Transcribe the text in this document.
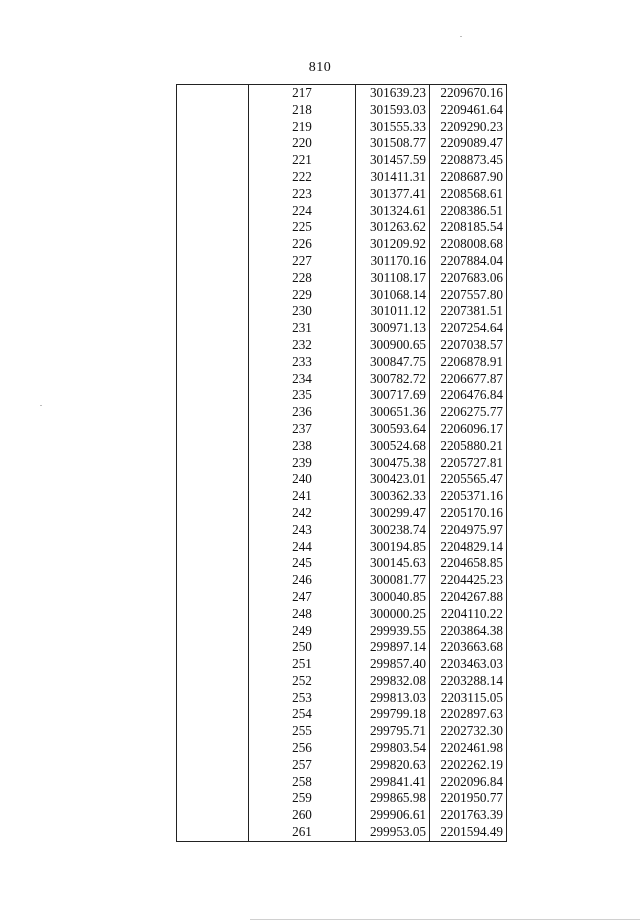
810
	217	301639.23	2209670.16
	218	301593.03	2209461.64
	219	301555.33	2209290.23
	220	301508.77	2209089.47
	221	301457.59	2208873.45
	222	301411.31	2208687.90
	223	301377.41	2208568.61
	224	301324.61	2208386.51
	225	301263.62	2208185.54
	226	301209.92	2208008.68
	227	301170.16	2207884.04
	228	301108.17	2207683.06
	229	301068.14	2207557.80
	230	301011.12	2207381.51
	231	300971.13	2207254.64
	232	300900.65	2207038.57
	233	300847.75	2206878.91
	234	300782.72	2206677.87
	235	300717.69	2206476.84
	236	300651.36	2206275.77
	237	300593.64	2206096.17
	238	300524.68	2205880.21
	239	300475.38	2205727.81
	240	300423.01	2205565.47
	241	300362.33	2205371.16
	242	300299.47	2205170.16
	243	300238.74	2204975.97
	244	300194.85	2204829.14
	245	300145.63	2204658.85
	246	300081.77	2204425.23
	247	300040.85	2204267.88
	248	300000.25	2204110.22
	249	299939.55	2203864.38
	250	299897.14	2203663.68
	251	299857.40	2203463.03
	252	299832.08	2203288.14
	253	299813.03	2203115.05
	254	299799.18	2202897.63
	255	299795.71	2202732.30
	256	299803.54	2202461.98
	257	299820.63	2202262.19
	258	299841.41	2202096.84
	259	299865.98	2201950.77
	260	299906.61	2201763.39
	261	299953.05	2201594.49
